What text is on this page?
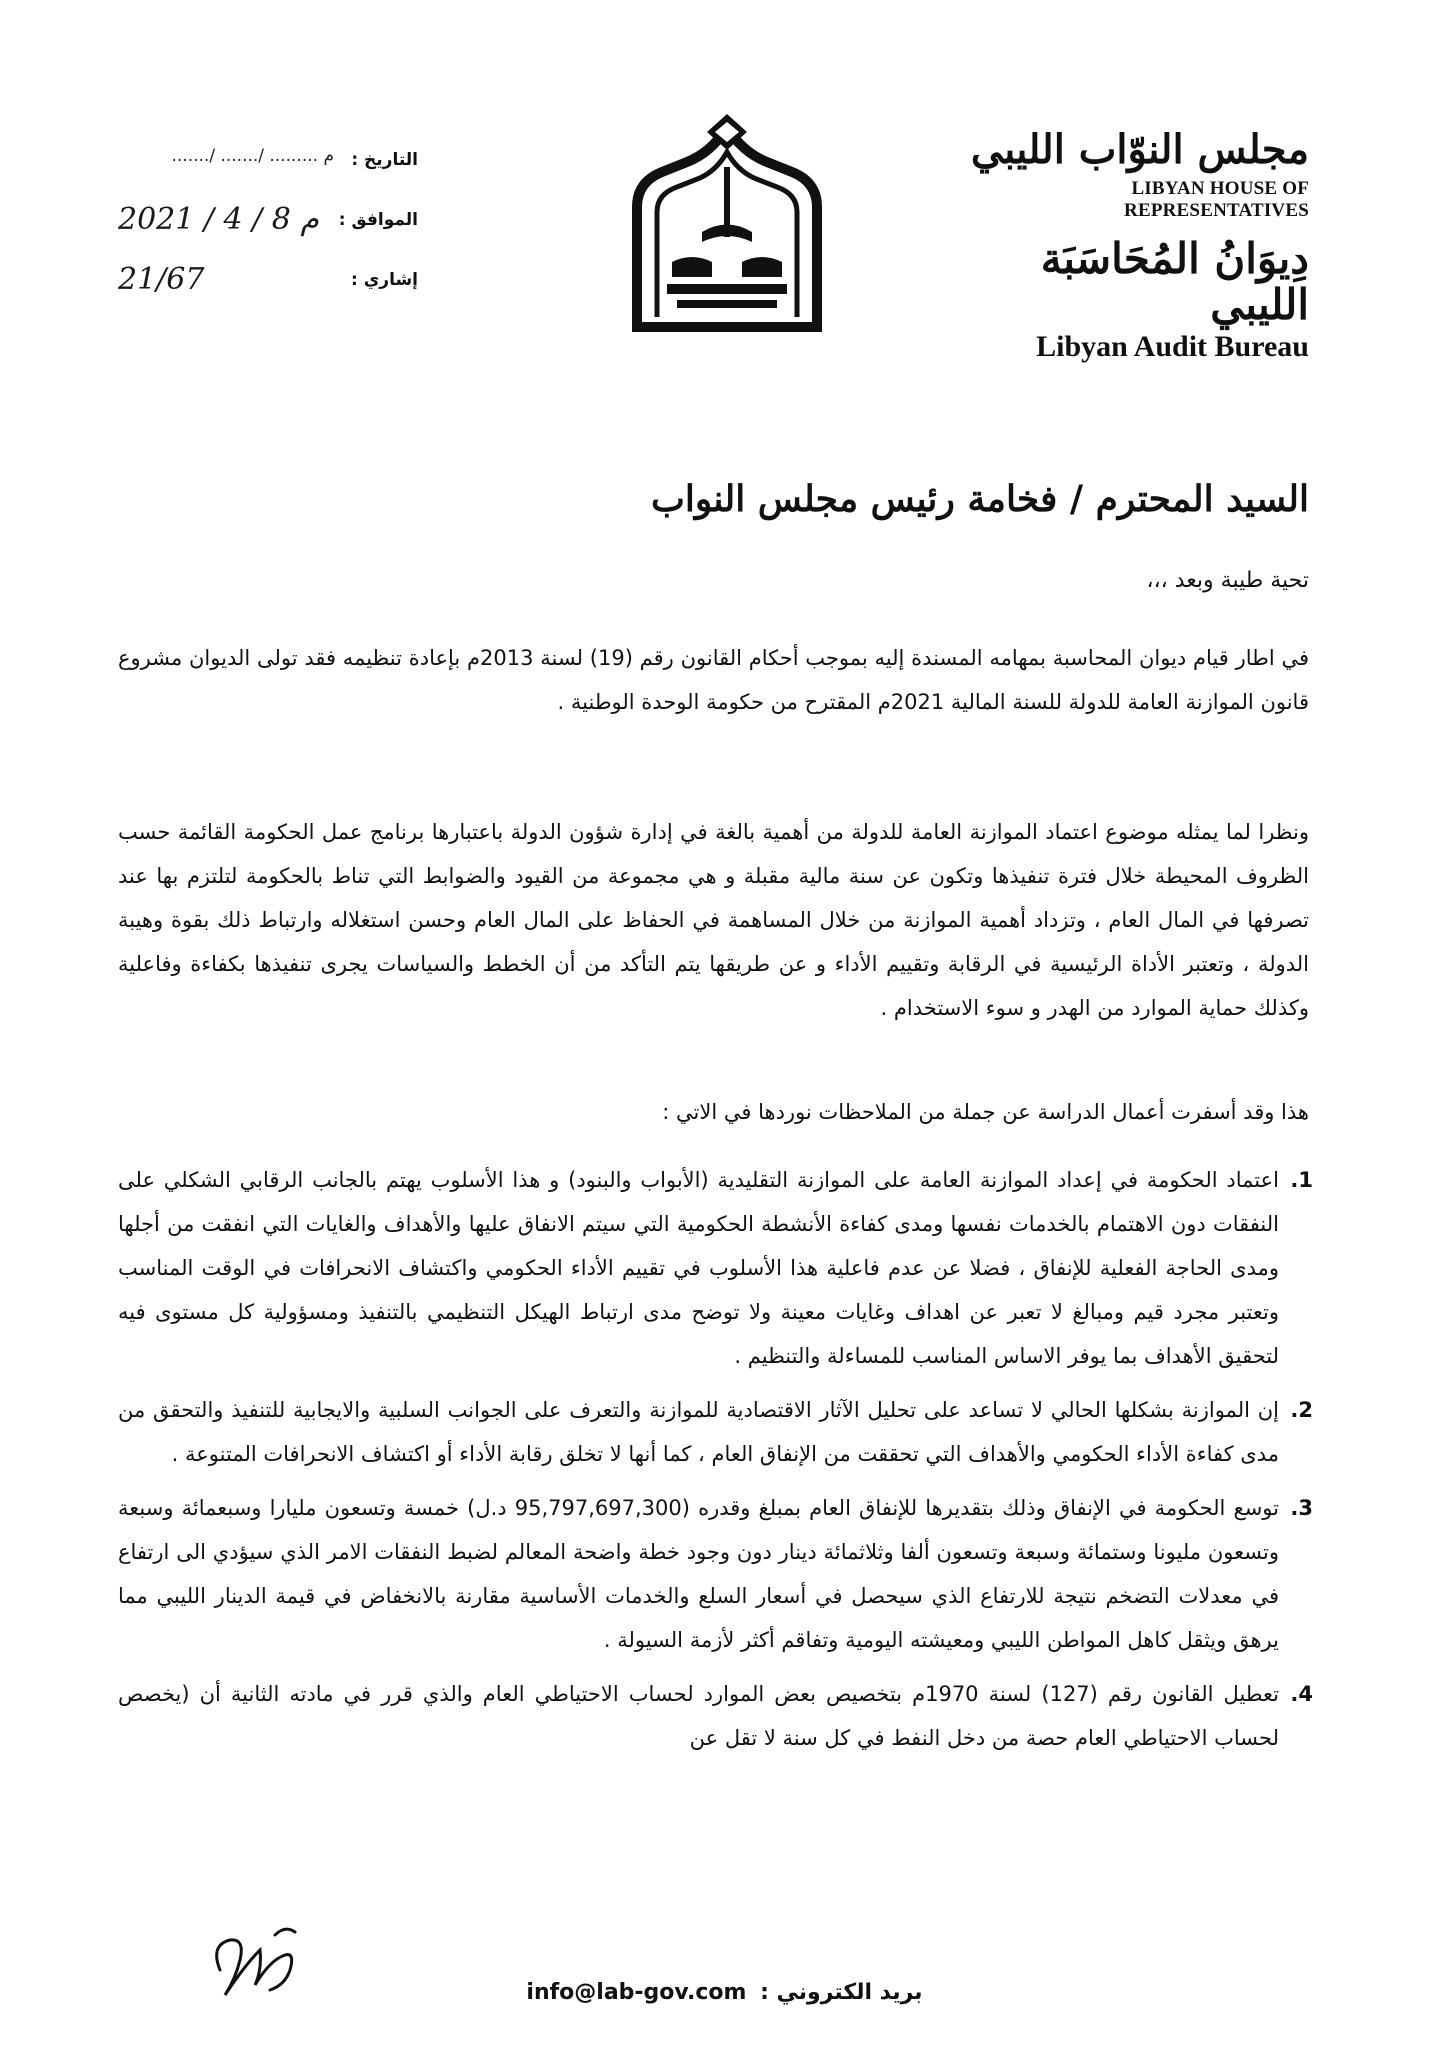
مجلس النوّاب الليبي
LIBYAN HOUSE OF REPRESENTATIVES
دِيوَانُ المُحَاسَبَة الليبي
Libyan Audit Bureau
التاريخ :
......./ ......./ ......... م
الموافق :
2021 / 4 / 8 م
إشاري :
21/67
السيد المحترم / فخامة رئيس مجلس النواب
تحية طيبة وبعد ،،،

في اطار قيام ديوان المحاسبة بمهامه المسندة إليه بموجب أحكام القانون رقم (19) لسنة 2013م بإعادة تنظيمه فقد تولى الديوان مشروع قانون الموازنة العامة للدولة للسنة المالية 2021م المقترح من حكومة الوحدة الوطنية .

ونظرا لما يمثله موضوع اعتماد الموازنة العامة للدولة من أهمية بالغة في إدارة شؤون الدولة باعتبارها برنامج عمل الحكومة القائمة حسب الظروف المحيطة خلال فترة تنفيذها وتكون عن سنة مالية مقبلة و هي مجموعة من القيود والضوابط التي تناط بالحكومة لتلتزم بها عند تصرفها في المال العام ، وتزداد أهمية الموازنة من خلال المساهمة في الحفاظ على المال العام وحسن استغلاله وارتباط ذلك بقوة وهيبة الدولة ، وتعتبر الأداة الرئيسية في الرقابة وتقييم الأداء و عن طريقها يتم التأكد من أن الخطط والسياسات يجرى تنفيذها بكفاءة وفاعلية وكذلك حماية الموارد من الهدر و سوء الاستخدام .

هذا وقد أسفرت أعمال الدراسة عن جملة من الملاحظات نوردها في الاتي :

1.
اعتماد الحكومة في إعداد الموازنة العامة على الموازنة التقليدية (الأبواب والبنود) و هذا الأسلوب يهتم بالجانب الرقابي الشكلي على النفقات دون الاهتمام بالخدمات نفسها ومدى كفاءة الأنشطة الحكومية التي سيتم الانفاق عليها والأهداف والغايات التي انفقت من أجلها ومدى الحاجة الفعلية للإنفاق ، فضلا عن عدم فاعلية هذا الأسلوب في تقييم الأداء الحكومي واكتشاف الانحرافات في الوقت المناسب وتعتبر مجرد قيم ومبالغ لا تعبر عن اهداف وغايات معينة ولا توضح مدى ارتباط الهيكل التنظيمي بالتنفيذ ومسؤولية كل مستوى فيه لتحقيق الأهداف بما يوفر الاساس المناسب للمساءلة والتنظيم .
2.
إن الموازنة بشكلها الحالي لا تساعد على تحليل الآثار الاقتصادية للموازنة والتعرف على الجوانب السلبية والايجابية للتنفيذ والتحقق من مدى كفاءة الأداء الحكومي والأهداف التي تحققت من الإنفاق العام ، كما أنها لا تخلق رقابة الأداء أو اكتشاف الانحرافات المتنوعة .
3.
توسع الحكومة في الإنفاق وذلك بتقديرها للإنفاق العام بمبلغ وقدره (95,797,697,300 د.ل) خمسة وتسعون مليارا وسبعمائة وسبعة وتسعون مليونا وستمائة وسبعة وتسعون ألفا وثلاثمائة دينار دون وجود خطة واضحة المعالم لضبط النفقات الامر الذي سيؤدي الى ارتفاع في معدلات التضخم نتيجة للارتفاع الذي سيحصل في أسعار السلع والخدمات الأساسية مقارنة بالانخفاض في قيمة الدينار الليبي مما يرهق ويثقل كاهل المواطن الليبي ومعيشته اليومية وتفاقم أكثر لأزمة السيولة .
4.
تعطيل القانون رقم (127) لسنة 1970م بتخصيص بعض الموارد لحساب الاحتياطي العام والذي قرر في مادته الثانية أن (يخصص لحساب الاحتياطي العام حصة من دخل النفط في كل سنة لا تقل عن
info@lab-gov.com بريد الكتروني :
